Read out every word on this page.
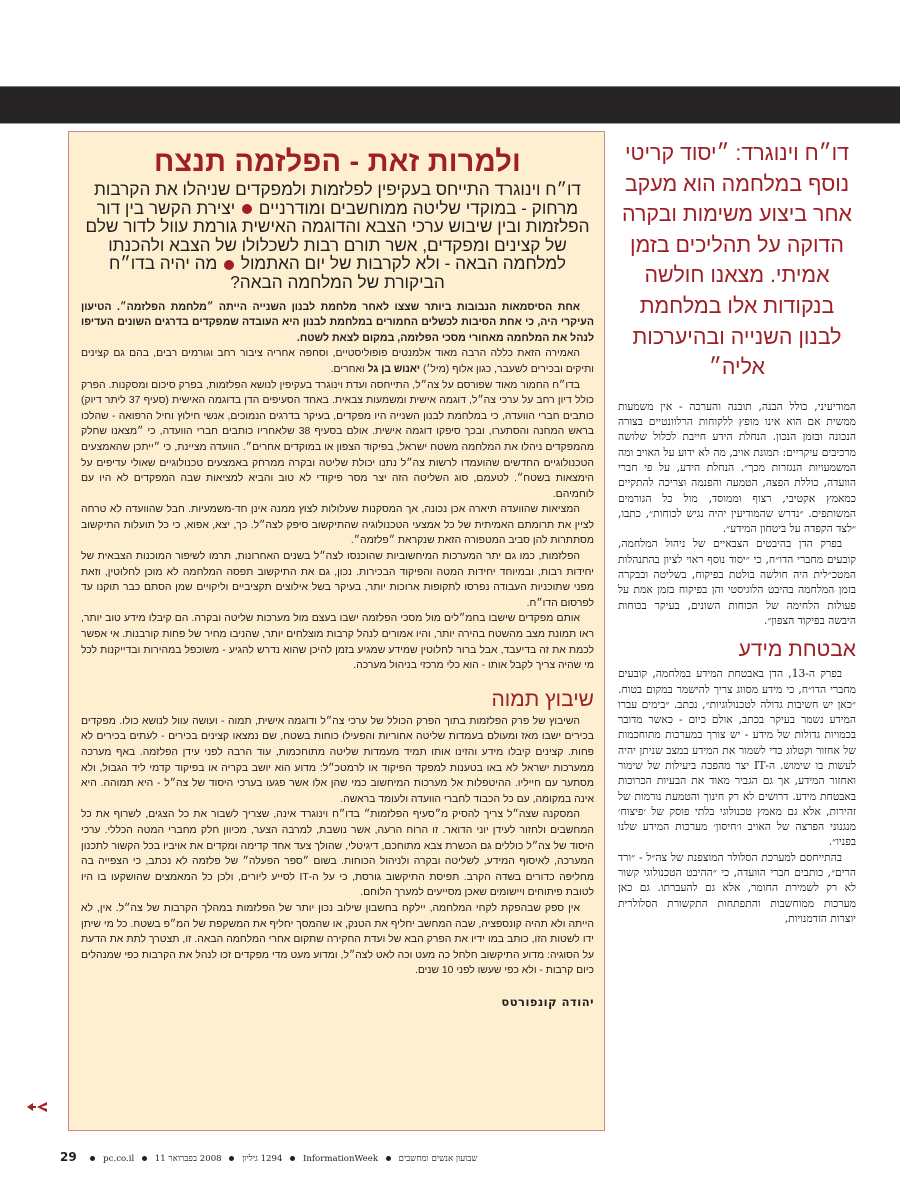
ולמרות זאת - הפלזמה תנצח
דו״ח וינוגרד התייחס בעקיפין לפלזמות ולמפקדים שניהלו את הקרבות מרחוק - במוקדי שליטה ממוחשבים ומודרניים  יצירת הקשר בין דור הפלזמות ובין שיבוש ערכי הצבא והדוגמה האישית גורמת עוול לדור שלם של קצינים ומפקדים, אשר תורם רבות לשכלולו של הצבא ולהכנתו למלחמה הבאה - ולא לקרבות של יום האתמול  מה יהיה בדו״ח הביקורת של המלחמה הבאה?

אחת הסיסמאות הנבובות ביותר שצצו לאחר מלחמת לבנון השנייה הייתה ״מלחמת הפלזמה״. הטיעון העיקרי היה, כי אחת הסיבות לכשלים החמורים במלחמת לבנון היא העובדה שמפקדים בדרגים השונים העדיפו לנהל את המלחמה מאחורי מסכי הפלזמה, במקום לצאת לשטח.

האמירה הזאת כללה הרבה מאוד אלמנטים פופוליסטיים, וסחפה אחריה ציבור רחב וגורמים רבים, בהם גם קצינים ותיקים ובכירים לשעבר, כגון אלוף (מיל׳) יאנוש בן גל ואחרים.

בדו״ח החמור מאוד שפורסם על צה״ל, התייחסה ועדת וינוגרד בעקיפין לנושא הפלזמות, בפרק סיכום ומסקנות. הפרק כולל דיון רחב על ערכי צה״ל, דוגמה אישית ומשמעות צבאית. באחד הסעיפים הדן בדוגמה האישית (סעיף 37 ליתר דיוק) כותבים חברי הוועדה, כי במלחמת לבנון השנייה היו מפקדים, בעיקר בדרגים הנמוכים, אנשי חילוץ וחיל הרפואה - שהלכו בראש המחנה והסתערו, ובכך סיפקו דוגמה אישית. אולם בסעיף 38 שלאחריו כותבים חברי הוועדה, כי ״מצאנו שחלק מהמפקדים ניהלו את המלחמה משטח ישראל, בפיקוד הצפון או במוקדים אחרים״. הוועדה מציינת, כי ״ייתכן שהאמצעים הטכנולוגיים החדשים שהועמדו לרשות צה״ל נתנו יכולת שליטה ובקרה ממרחק באמצעים טכנולוגיים שאולי עדיפים על הימצאות בשטח״. לטעמם, סוג השליטה הזה יצר מסר פיקודי לא טוב והביא למציאות שבה המפקדים לא היו עם לוחמיהם.

המציאות שהוועדה תיארה אכן נכונה, אך המסקנות שעלולות לצוץ ממנה אינן חד-משמעיות. חבל שהוועדה לא טרחה לציין את תרומתם האמיתית של כל אמצעי הטכנולוגיה שהתיקשוב סיפק לצה״ל. כך, יצא, אפוא, כי כל תועלות התיקשוב מסתתרות להן סביב המטפורה הזאת שנקראת ״פלזמה״.

הפלזמות, כמו גם יתר המערכות המיחשוביות שהוכנסו לצה״ל בשנים האחרונות, תרמו לשיפור המוכנות הצבאית של יחידות רבות, ובמיוחד יחידות המטה והפיקוד הבכירות. נכון, גם את התיקשוב תפסה המלחמה לא מוכן לחלוטין, וזאת מפני שתוכניות העבודה נפרסו לתקופות ארוכות יותר, בעיקר בשל אילוצים תקציביים וליקויים שמן הסתם כבר תוקנו עד לפרסום הדו״ח.

אותם מפקדים שישבו בחמ״לים מול מסכי הפלזמה ישבו בעצם מול מערכות שליטה ובקרה. הם קיבלו מידע טוב יותר, ראו תמונת מצב מהשטח בהירה יותר, והיו אמורים לנהל קרבות מוצלחים יותר, שהניבו מחיר של פחות קורבנות. אי אפשר לכמת את זה בדיעבד, אבל ברור לחלוטין שמידע שמגיע בזמן להיכן שהוא נדרש להגיע - משוכפל במהירות ובדייקנות לכל מי שהיה צריך לקבל אותו - הוא כלי מרכזי בניהול מערכה.

שיבוץ תמוה

השיבוץ של פרק הפלזמות בתוך הפרק הכולל של ערכי צה״ל ודוגמה אישית, תמוה - ועושה עוול לנושא כולו. מפקדים בכירים ישבו מאז ומעולם בעמדות שליטה אחוריות והפעילו כוחות בשטח, שם נמצאו קצינים בכירים - לעתים בכירים לא פחות. קצינים קיבלו מידע והזינו אותו תמיד מעמדות שליטה מתוחכמות, עוד הרבה לפני עידן הפלזמה. באף מערכה ממערכות ישראל לא באו בטענות למפקד הפיקוד או לרמטכ״ל: מדוע הוא יושב בקריה או בפיקוד קדמי ליד הגבול, ולא מסתער עם חייליו. ההיטפלות אל מערכות המיחשוב כמי שהן אלו אשר פגעו בערכי היסוד של צה״ל - היא תמוהה. היא אינה במקומה, עם כל הכבוד לחברי הוועדה ולעומד בראשה.

המסקנה שצה״ל צריך להסיק מ״סעיף הפלזמות״ בדו״ח וינוגרד אינה, שצריך לשבור את כל הצגים, לשרוף את כל המחשבים ולחזור לעידן יוני הדואר. זו הרוח הרעה, אשר נושבת, למרבה הצער, מכיוון חלק מחברי המטה הכללי. ערכי היסוד של צה״ל כוללים גם הכשרת צבא מתוחכם, דיגיטלי, שהולך צעד אחד קדימה ומקדים את אויביו בכל הקשור לתכנון המערכה, לאיסוף המידע, לשליטה ובקרה ולניהול הכוחות. בשום ״ספר הפעלה״ של פלזמה לא נכתב, כי הצפייה בה מחליפה כדורים בשדה הקרב. תפיסת התיקשוב גורסת, כי על ה-IT לסייע ליורים, ולכן כל המאמצים שהושקעו בו היו לטובת פיתוחים ויישומים שאכן מסייעים למערך הלוחם.

אין ספק שבהפקת לקחי המלחמה, יילקח בחשבון שילוב נכון יותר של הפלזמות במהלך הקרבות של צה״ל. אין, לא הייתה ולא תהיה קונספציה, שבה המחשב יחליף את הטנק, או שהמסך יחליף את המשקפת של המ״פ בשטח. כל מי שיתן ידו לשטות הזו, כותב במו ידיו את הפרק הבא של ועדת החקירה שתקום אחרי המלחמה הבאה. זו, תצטרך לתת את הדעת על הסוגיה: מדוע התיקשוב חלחל כה מעט וכה לאט לצה״ל, ומדוע מעט מדי מפקדים זכו לנהל את הקרבות כפי שמנהלים כיום קרבות - ולא כפי שעשו לפני 10 שנים.

יהודה קונפורטס
דו״ח וינוגרד: ״יסוד קריטי נוסף במלחמה הוא מעקב אחר ביצוע משימות ובקרה הדוקה על תהליכים בזמן אמיתי. מצאנו חולשה בנקודות אלו במלחמת לבנון השנייה ובהיערכות אליה״

המודיעיני, כולל הבנה, תובנה והערכה - אין משמעות ממשית אם הוא אינו מופץ ללקוחות הרלוונטיים בצורה הנכונה ובזמן הנכון. הנחלת הידע חייבת לכלול שלושה מרכיבים עיקריים: תמונת אויב, מה לא ידוע על האויב ומה המשמעויות הנגזרות מכך״. הנחלת הידע, על פי חברי הוועדה, כוללת הפצה, הטמעה והפנמה וצריכה להתקיים כמאמץ אקטיבי, רצוף וממוסד, מול כל הגורמים המשותפים. ״נדרש שהמודיעין יהיה נגיש לכוחות״, כתבו, ״לצד הקפדה על ביטחון המידע״.

בפרק הדן בהיבטים הצבאיים של ניהול המלחמה, קובעים מחברי הדו״ח, כי ״יסוד נוסף ראוי לציון בהתנהלות המטכ״לית היה חולשה בולטת בפיקוח, בשליטה ובבקרה בזמן המלחמה בהיבט הלוגיסטי והן בפיקוח בזמן אמת על פעולות הלחימה של הכוחות השונים, בעיקר בכוחות היבשה בפיקוד הצפון״.

אבטחת מידע

בפרק ה-13, הדן באבטחת המידע במלחמה, קובעים מחברי הדו״ח, כי מידע מסווג צריך להישמר במקום בטוח. ״כאן יש חשיבות גדולה לטכנולוגיות״, נכתב. ״בימים עברו המידע נשמר בעיקר בכתב, אולם כיום - כאשר מדובר בכמויות גדולות של מידע - יש צורך במערכות מתוחכמות של אחזור וקטלוג כדי לשמור את המידע במצב שניתן יהיה לעשות בו שימוש. ה-IT יצר מהפכה ביעילות של שימור ואחזור המידע, אך גם הגביר מאוד את הבעיות הכרוכות באבטחת מידע. דרושים לא רק חינוך והטמעת נורמות של זהירות, אלא גם מאמץ טכנולוגי בלתי פוסק של ׳פיצוח׳ מנגנוני הפרצה של האויב ו׳חיסון׳ מערכות המידע שלנו בפניו״.

בהתייחסם למערכת הסלולר המוצפנת של צה״ל - ״ורד הרים״, כותבים חברי הוועדה, כי ״ההיבט הטכנולוגי קשור לא רק לשמירת החומר, אלא גם להעברתו. גם כאן מערכות ממוחשבות והתפתחות התקשורת הסלולרית יוצרות הזדמנויות,

29	pc.co.il 2008 בפברואר 11 1294 גיליון InformationWeek שבועון אנשים ומחשבים
